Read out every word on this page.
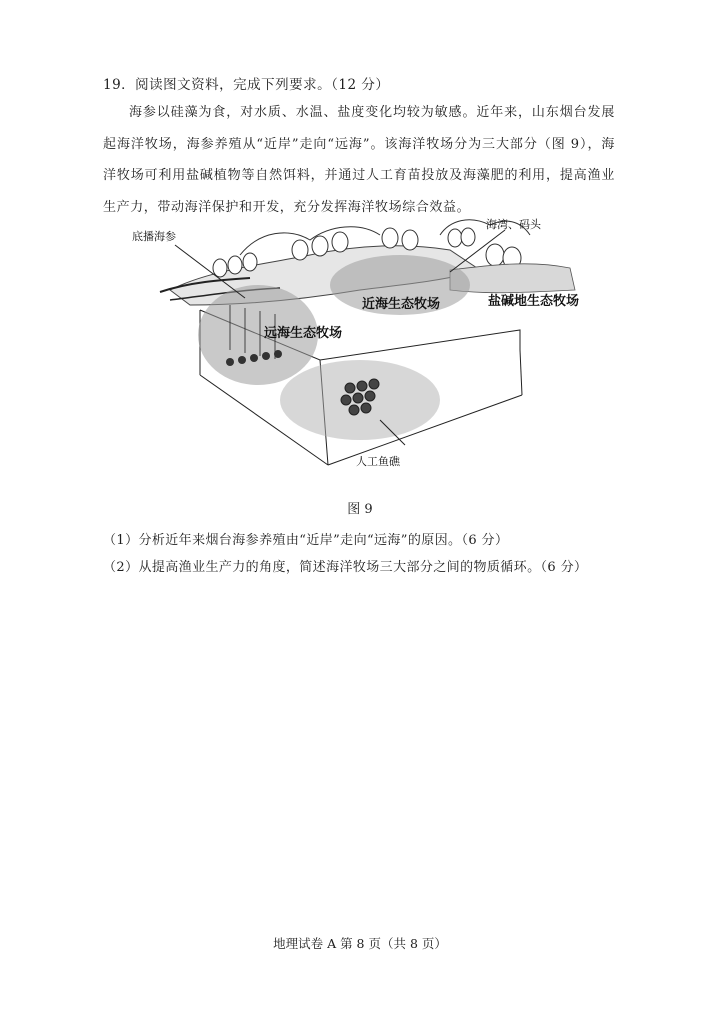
19．阅读图文资料，完成下列要求。（12 分）
海参以硅藻为食，对水质、水温、盐度变化均较为敏感。近年来，山东烟台发展起海洋牧场，海参养殖从“近岸”走向“远海”。该海洋牧场分为三大部分（图 9），海洋牧场可利用盐碱植物等自然饵料，并通过人工育苗投放及海藻肥的利用，提高渔业生产力，带动海洋保护和开发，充分发挥海洋牧场综合效益。
底播海参
海湾、码头
近海生态牧场	盐碱地生态牧场
远海生态牧场
人工鱼礁
图 9
（1）分析近年来烟台海参养殖由“近岸”走向“远海”的原因。（6 分）
（2）从提高渔业生产力的角度，简述海洋牧场三大部分之间的物质循环。（6 分）
地理试卷 A 第 8 页（共 8 页）
